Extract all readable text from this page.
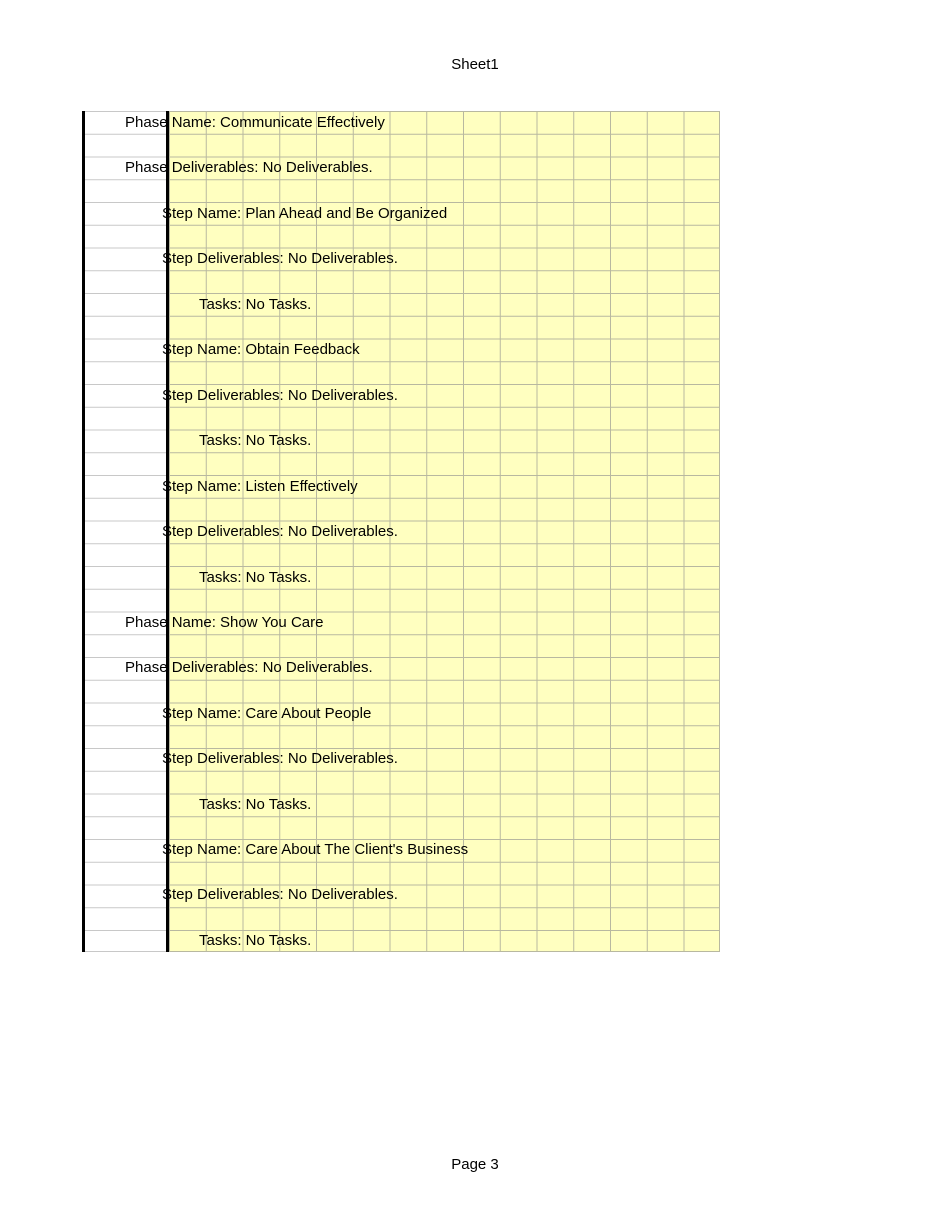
Sheet1
Phase Name: Communicate Effectively
Phase Deliverables: No Deliverables.
Step Name: Plan Ahead and Be Organized
Step Deliverables: No Deliverables.
Tasks: No Tasks.
Step Name: Obtain Feedback
Step Deliverables: No Deliverables.
Tasks: No Tasks.
Step Name: Listen Effectively
Step Deliverables: No Deliverables.
Tasks: No Tasks.
Phase Name: Show You Care
Phase Deliverables: No Deliverables.
Step Name: Care About People
Step Deliverables: No Deliverables.
Tasks: No Tasks.
Step Name: Care About The Client's Business
Step Deliverables: No Deliverables.
Tasks: No Tasks.
Page 3
